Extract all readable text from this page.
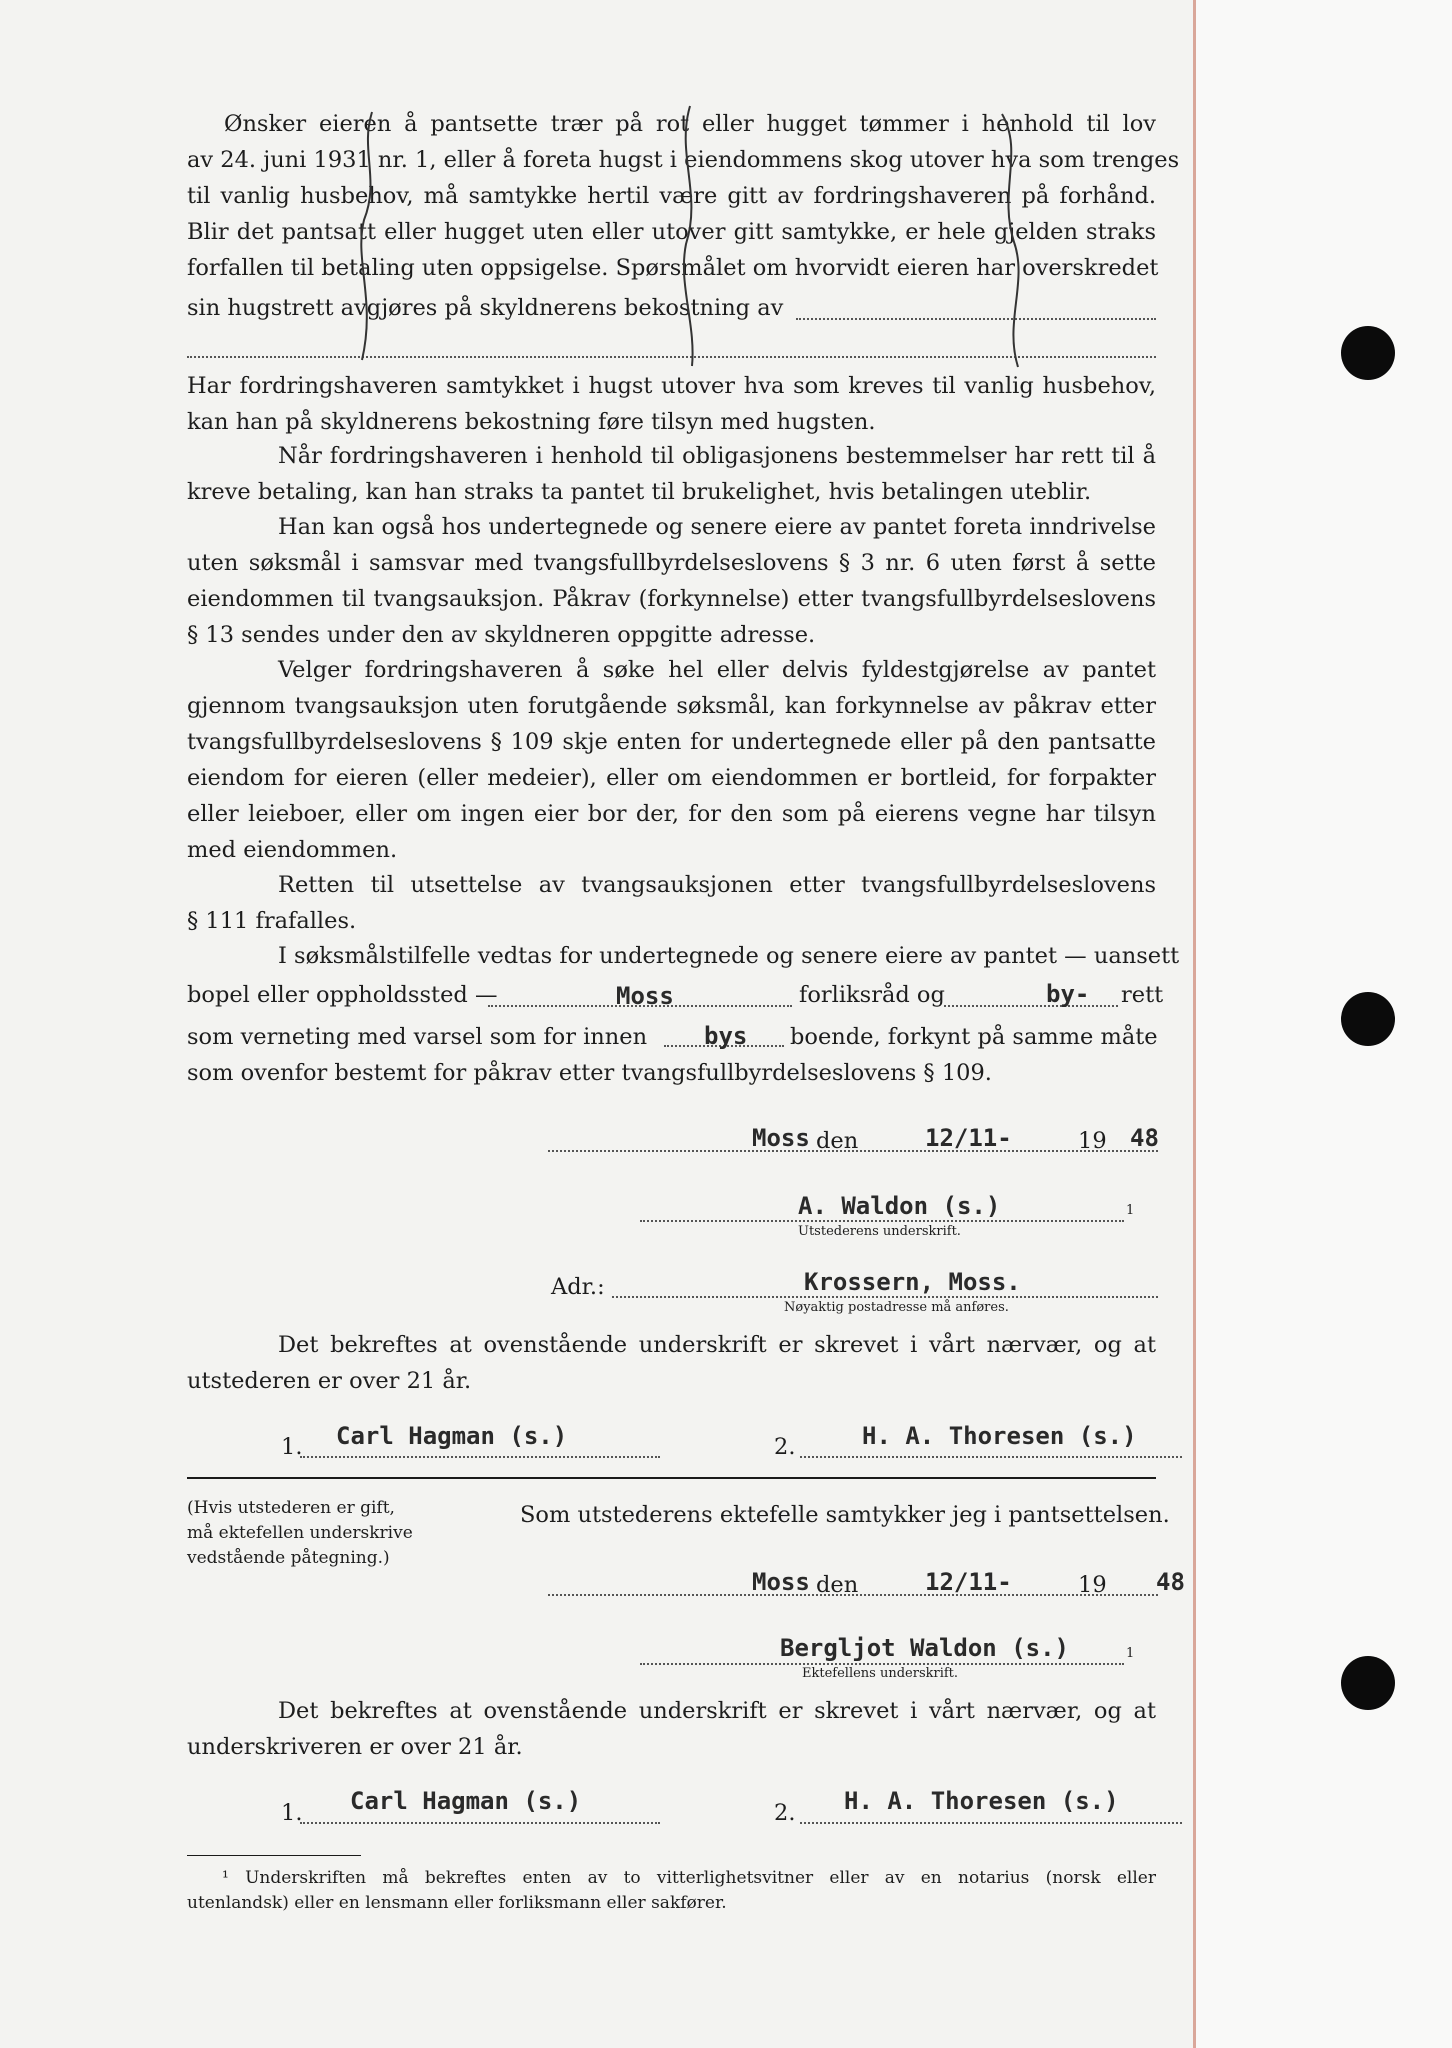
Ønsker eieren å pantsette trær på rot eller hugget tømmer i henhold til lov
av 24. juni 1931 nr. 1, eller å foreta hugst i eiendommens skog utover hva som trenges
til vanlig husbehov, må samtykke hertil være gitt av fordringshaveren på forhånd.
Blir det pantsatt eller hugget uten eller utover gitt samtykke, er hele gjelden straks
forfallen til betaling uten oppsigelse. Spørsmålet om hvorvidt eieren har overskredet
sin hugstrett avgjøres på skyldnerens bekostning av
Har fordringshaveren samtykket i hugst utover hva som kreves til vanlig husbehov,
kan han på skyldnerens bekostning føre tilsyn med hugsten.
Når fordringshaveren i henhold til obligasjonens bestemmelser har rett til å
kreve betaling, kan han straks ta pantet til brukelighet, hvis betalingen uteblir.
Han kan også hos undertegnede og senere eiere av pantet foreta inndrivelse
uten søksmål i samsvar med tvangsfullbyrdelseslovens § 3 nr. 6 uten først å sette
eiendommen til tvangsauksjon. Påkrav (forkynnelse) etter tvangsfullbyrdelseslovens
§ 13 sendes under den av skyldneren oppgitte adresse.
Velger fordringshaveren å søke hel eller delvis fyldestgjørelse av pantet
gjennom tvangsauksjon uten forutgående søksmål, kan forkynnelse av påkrav etter
tvangsfullbyrdelseslovens § 109 skje enten for undertegnede eller på den pantsatte
eiendom for eieren (eller medeier), eller om eiendommen er bortleid, for forpakter
eller leieboer, eller om ingen eier bor der, for den som på eierens vegne har tilsyn
med eiendommen.
Retten til utsettelse av tvangsauksjonen etter tvangsfullbyrdelseslovens
§ 111 frafalles.
I søksmålstilfelle vedtas for undertegnede og senere eiere av pantet — uansett
bopel eller oppholdssted —	Moss	forliksråd og	by- rett
som verneting med varsel som for innen bys boende, forkynt på samme måte
som ovenfor bestemt for påkrav etter tvangsfullbyrdelseslovens § 109.
Moss den	12/11-	19 48
A. Waldon (s.)	1
Utstederens underskrift.
Adr.:	Krossern, Moss.
Nøyaktig postadresse må anføres.
Det bekreftes at ovenstående underskrift er skrevet i vårt nærvær, og at
utstederen er over 21 år.
1. Carl Hagman (s.)	2.	H. A. Thoresen (s.)
(Hvis utstederen er gift,
må ektefellen underskrive
vedstående påtegning.)
Som utstederens ektefelle samtykker jeg i pantsettelsen.
Moss den	12/11-	19 48
Bergljot Waldon (s.)	1
Ektefellens underskrift.
Det bekreftes at ovenstående underskrift er skrevet i vårt nærvær, og at
underskriveren er over 21 år.
1. Carl Hagman (s.)	2. H. A. Thoresen (s.)
¹ Underskriften må bekreftes enten av to vitterlighetsvitner eller av en notarius (norsk eller
utenlandsk) eller en lensmann eller forliksmann eller sakfører.
